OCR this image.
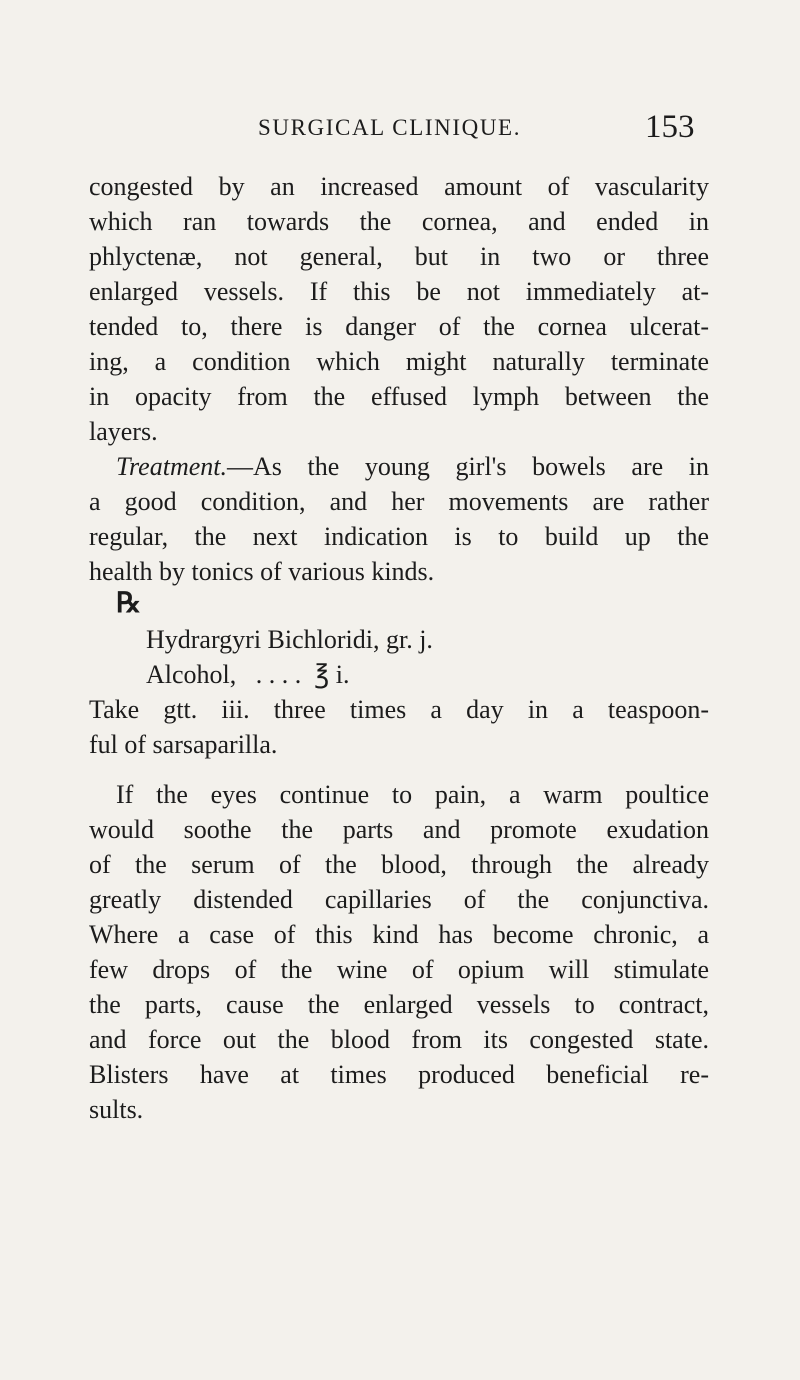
SURGICAL CLINIQUE.	153
congested by an increased amount of vascularity
which ran towards the cornea, and ended in
phlyctenæ, not general, but in two or three
enlarged vessels. If this be not immediately at-
tended to, there is danger of the cornea ulcerat-
ing, a condition which might naturally terminate
in opacity from the effused lymph between the
layers.
Treatment.—As the young girl's bowels are in
a good condition, and her movements are rather
regular, the next indication is to build up the
health by tonics of various kinds.
℞
Hydrargyri Bichloridi, gr. j.
Alcohol,   . . . .  ℥ i.
Take gtt. iii. three times a day in a teaspoon-
ful of sarsaparilla.
If the eyes continue to pain, a warm poultice
would soothe the parts and promote exudation
of the serum of the blood, through the already
greatly distended capillaries of the conjunctiva.
Where a case of this kind has become chronic, a
few drops of the wine of opium will stimulate
the parts, cause the enlarged vessels to contract,
and force out the blood from its congested state.
Blisters have at times produced beneficial re-
sults.
